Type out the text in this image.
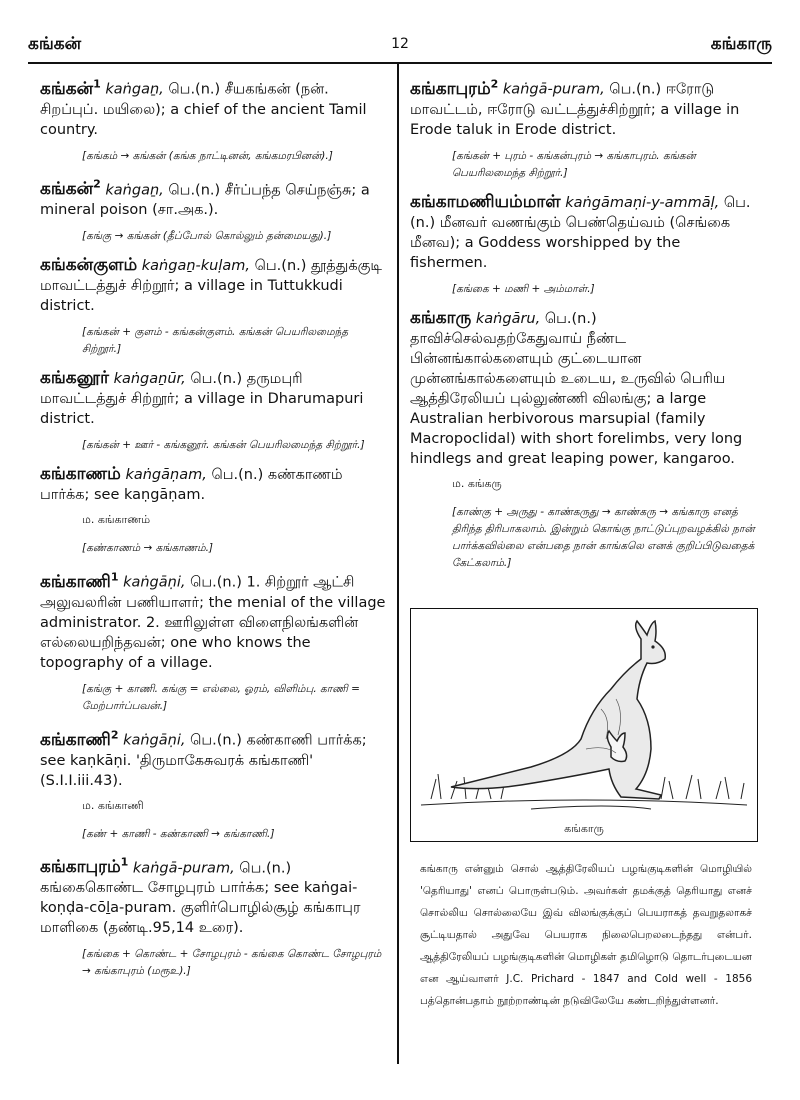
கங்கன்	12	கங்காரு
கங்கன்$^1$ kaṅgaṉ, பெ.(n.) சீயகங்கன் (நன். சிறப்புப். மயிலை); a chief of the ancient Tamil country.
[கங்கம் → கங்கன் (கங்க நாட்டினன், கங்கமரபினன்).]
கங்கன்$^2$ kaṅgaṉ, பெ.(n.) சீர்ப்பந்த செய்நஞ்சு; a mineral poison (சா.அக.).
[கங்கு → கங்கன் (தீப்போல் கொல்லும் தன்மையது).]
கங்கன்குளம் kaṅgaṉ-kuḷam, பெ.(n.) தூத்துக்குடி மாவட்டத்துச் சிற்றூர்; a village in Tuttukkudi district.
[கங்கன் + குளம் - கங்கன்குளம். கங்கன் பெயரிலமைந்த சிற்றூர்.]
கங்கனூர் kaṅgaṉūr, பெ.(n.) தருமபுரி மாவட்டத்துச் சிற்றூர்; a village in Dharumapuri district.
[கங்கன் + ஊர் - கங்கனூர். கங்கன் பெயரிலமைந்த சிற்றூர்.]
கங்காணம் kaṅgāṇam, பெ.(n.) கண்காணம் பார்க்க; see kaṇgāṇam.
ம. கங்காணம்
[கண்காணம் → கங்காணம்.]
கங்காணி$^1$ kaṅgāṇi, பெ.(n.) 1. சிற்றூர் ஆட்சி அலுவலரின் பணியாளர்; the menial of the village administrator. 2. ஊரிலுள்ள விளைநிலங்களின் எல்லையறிந்தவன்; one who knows the topography of a village.
[கங்கு + காணி. கங்கு = எல்லை, ஓரம், விளிம்பு. காணி = மேற்பார்ப்பவன்.]
கங்காணி$^2$ kaṅgāṇi, பெ.(n.) கண்காணி பார்க்க; see kaṇkāṇi. 'திருமாகேசுவரக் கங்காணி' (S.I.I.iii.43).
ம. கங்காணி
[கண் + காணி - கண்காணி → கங்காணி.]
கங்காபுரம்$^1$ kaṅgā-puram, பெ.(n.) கங்கைகொண்ட சோழபுரம் பார்க்க; see kaṅgai-koṇḍa-cōḻa-puram. குளிர்பொழில்சூழ் கங்காபுர மாளிகை (தண்டி.95,14 உரை).
[கங்கை + கொண்ட + சோழபுரம் - கங்கை கொண்ட சோழபுரம் → கங்காபுரம் (மரூஉ).]
கங்காபுரம்$^2$ kaṅgā-puram, பெ.(n.) ஈரோடு மாவட்டம், ஈரோடு வட்டத்துச்சிற்றூர்; a village in Erode taluk in Erode district.
[கங்கன் + புரம் - கங்கன்புரம் → கங்காபுரம். கங்கன் பெயரிலமைந்த சிற்றூர்.]
கங்காமணியம்மாள் kaṅgāmaṇi-y-ammāḷ, பெ.(n.) மீனவர் வணங்கும் பெண்தெய்வம் (செங்கை மீனவ); a Goddess worshipped by the fishermen.
[கங்கை + மணி + அம்மாள்.]
கங்காரு kaṅgāru, பெ.(n.) தாவிச்செல்வதற்கேதுவாய் நீண்ட பின்னங்கால்களையும் குட்டையான முன்னங்கால்களையும் உடைய, உருவில் பெரிய ஆத்திரேலியப் புல்லுண்ணி விலங்கு; a large Australian herbivorous marsupial (family Macropoclidal) with short forelimbs, very long hindlegs and great leaping power, kangaroo.
ம. கங்கரு
[காண்கு + அருது - காண்கருது → காண்கரு → கங்காரு எனத் திரிந்த திரிபாகலாம். இன்றும் கொங்கு நாட்டுப்புறவழக்கில் நான் பார்க்கவில்லை என்பதை நான் காங்கலெ எனக் குறிப்பிடுவதைக் கேட்கலாம்.]
கங்காரு
கங்காரு என்னும் சொல் ஆத்திரேலியப் பழங்குடிகளின் மொழியில் 'தெரியாது' எனப் பொருள்படும். அவர்கள் தமக்குத் தெரியாது எனச் சொல்லிய சொல்லையே இவ் விலங்குக்குப் பெயராகத் தவறுதலாகச் சூட்டியதால் அதுவே பெயராக நிலைபெறலடைந்தது என்பர். ஆத்திரேலியப் பழங்குடிகளின் மொழிகள் தமிழொடு தொடர்புடையன என ஆய்வாளர் J.C. Prichard - 1847 and Cold well - 1856 பத்தொன்பதாம் நூற்றாண்டின் நடுவிலேயே கண்டறிந்துள்ளனர்.
